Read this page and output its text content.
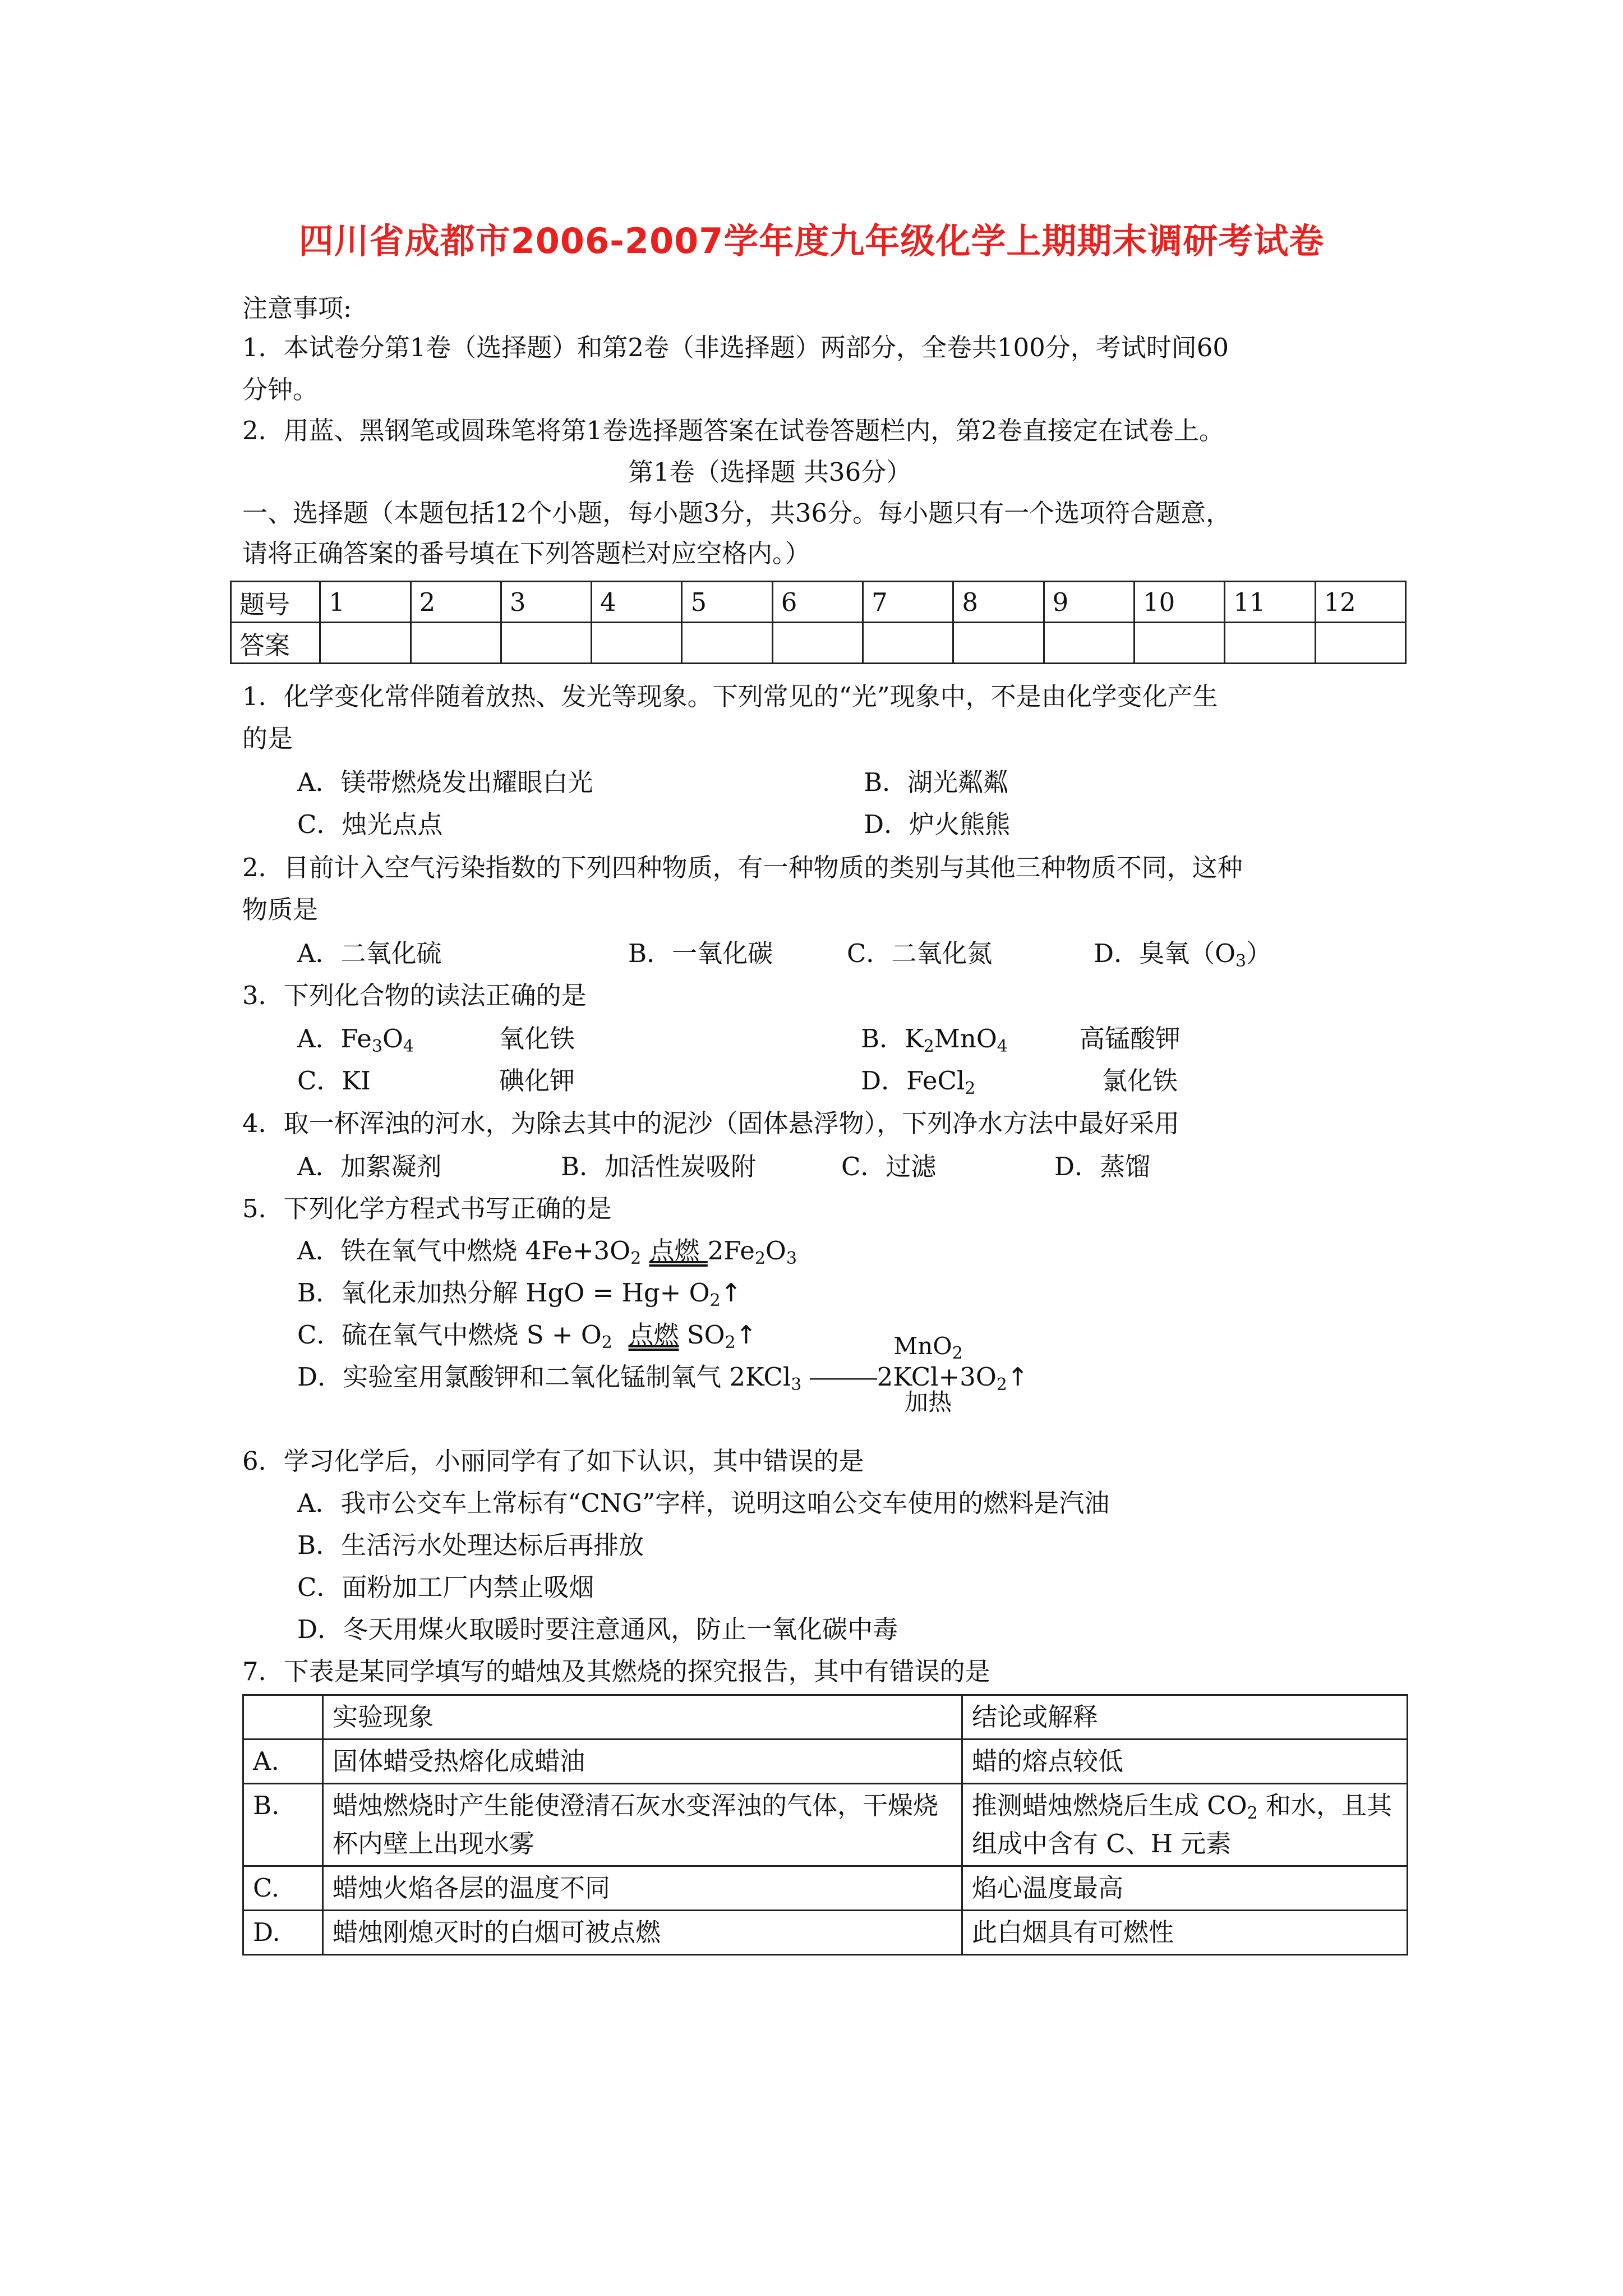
四川省成都市2006-2007学年度九年级化学上期期末调研考试卷
注意事项:
1．本试卷分第1卷（选择题）和第2卷（非选择题）两部分，全卷共100分，考试时间60
分钟。
2．用蓝、黑钢笔或圆珠笔将第1卷选择题答案在试卷答题栏内，第2卷直接定在试卷上。
第1卷（选择题 共36分）
一、选择题（本题包括12个小题，每小题3分，共36分。每小题只有一个选项符合题意，
请将正确答案的番号填在下列答题栏对应空格内。）
题号	1	2	3	4	5	6	7	8	9	10	11	12
答案												
1．化学变化常伴随着放热、发光等现象。下列常见的“光”现象中，不是由化学变化产生
的是
A．镁带燃烧发出耀眼白光	B．湖光粼粼
C．烛光点点	D．炉火熊熊
2．目前计入空气污染指数的下列四种物质，有一种物质的类别与其他三种物质不同，这种
物质是
A．二氧化硫	B．一氧化碳	C．二氧化氮	D．臭氧$(O_3)$
3．下列化合物的读法正确的是
A．$Fe_3O_4$	氧化铁	B．$K_2MnO_4$	高锰酸钾
C．KI	碘化钾	D．FeCl$_2$	氯化铁
4．取一杯浑浊的河水，为除去其中的泥沙（固体悬浮物），下列净水方法中最好采用
A．加絮凝剂	B．加活性炭吸附	C．过滤	D．蒸馏
5．下列化学方程式书写正确的是
A．铁在氧气中燃烧 $4Fe+3O_2$ 点燃 $2Fe_2O_3$
B．氧化汞加热分解 HgO = $Hg+ O_2↑$
C．硫在氧气中燃烧 $S + O_2$ 点燃 $SO_2↑$
D．实验室用氯酸钾和二氧化锰制氧气 2KCl$_3$	$2KCl+3O_2↑$
MnO$_2$
加热
6．学习化学后，小丽同学有了如下认识，其中错误的是
A．我市公交车上常标有“CNG”字样，说明这咱公交车使用的燃料是汽油
B．生活污水处理达标后再排放
C．面粉加工厂内禁止吸烟
D．冬天用煤火取暖时要注意通风，防止一氧化碳中毒
7．下表是某同学填写的蜡烛及其燃烧的探究报告，其中有错误的是
	实验现象	结论或解释
A.	固体蜡受热熔化成蜡油	蜡的熔点较低
B.	蜡烛燃烧时产生能使澄清石灰水变浑浊的气体，干燥烧杯内壁上出现水雾	推测蜡烛燃烧后生成 $CO_2$ 和水，且其组成中含有 C、H 元素
C.	蜡烛火焰各层的温度不同	焰心温度最高
D.	蜡烛刚熄灭时的白烟可被点燃	此白烟具有可燃性
